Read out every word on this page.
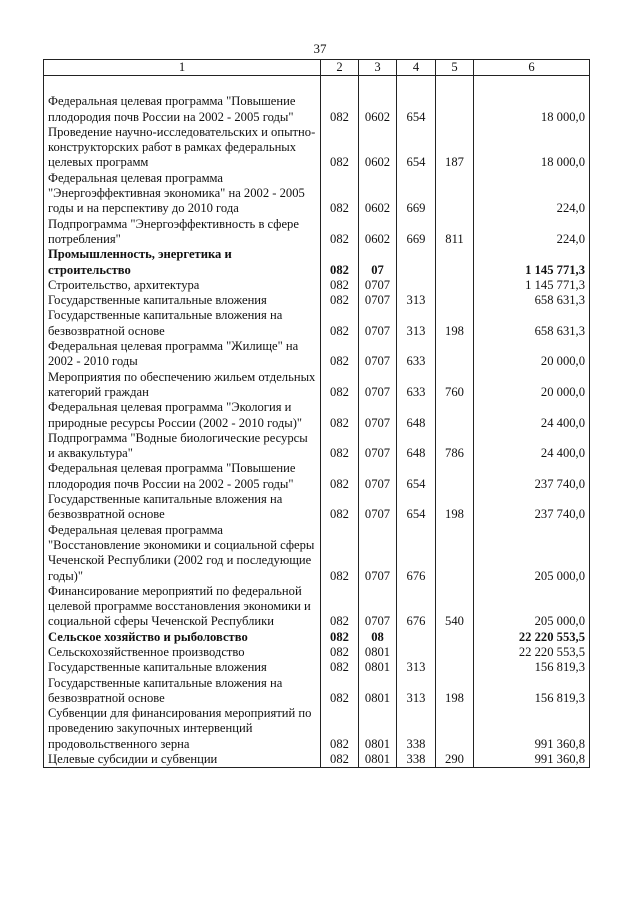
37
1	2	3	4	5	6

Федеральная целевая программа "Повышение плодородия почв России на 2002 - 2005 годы"	082	0602	654		18 000,0
Проведение научно-исследовательских и опытно-конструкторских работ в рамках федеральных целевых программ	082	0602	654	187	18 000,0
Федеральная целевая программа "Энергоэффективная экономика" на 2002 - 2005 годы и на перспективу до 2010 года	082	0602	669		224,0
Подпрограмма "Энергоэффективность в сфере потребления"	082	0602	669	811	224,0
Промышленность, энергетика и строительство	082	07			1 145 771,3
Строительство, архитектура	082	0707			1 145 771,3
Государственные капитальные вложения	082	0707	313		658 631,3
Государственные капитальные вложения на безвозвратной основе	082	0707	313	198	658 631,3
Федеральная целевая программа "Жилище" на 2002 - 2010 годы	082	0707	633		20 000,0
Мероприятия по обеспечению жильем отдельных категорий граждан	082	0707	633	760	20 000,0
Федеральная целевая программа "Экология и природные ресурсы России (2002 - 2010 годы)"	082	0707	648		24 400,0
Подпрограмма "Водные биологические ресурсы и аквакультура"	082	0707	648	786	24 400,0
Федеральная целевая программа "Повышение плодородия почв России на 2002 - 2005 годы"	082	0707	654		237 740,0
Государственные капитальные вложения на безвозвратной основе	082	0707	654	198	237 740,0
Федеральная целевая программа "Восстановление экономики и социальной сферы Чеченской Республики (2002 год и последующие годы)"	082	0707	676		205 000,0
Финансирование мероприятий по федеральной целевой программе восстановления экономики и социальной сферы Чеченской Республики	082	0707	676	540	205 000,0
Сельское хозяйство и рыболовство	082	08			22 220 553,5
Сельскохозяйственное производство	082	0801			22 220 553,5
Государственные капитальные вложения	082	0801	313		156 819,3
Государственные капитальные вложения на безвозвратной основе	082	0801	313	198	156 819,3
Субвенции для финансирования мероприятий по проведению закупочных интервенций продовольственного зерна	082	0801	338		991 360,8
Целевые субсидии и субвенции	082	0801	338	290	991 360,8
